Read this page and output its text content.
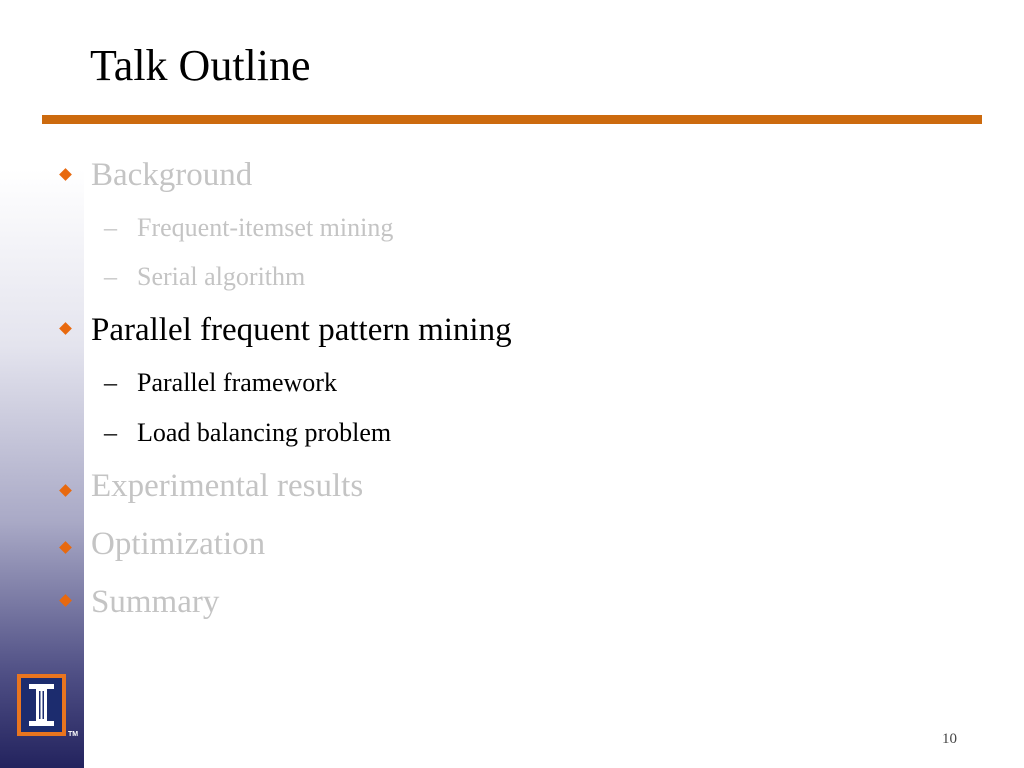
Talk Outline
Background
– Frequent-itemset mining
– Serial algorithm
Parallel frequent pattern mining
– Parallel framework
– Load balancing problem
Experimental results
Optimization
Summary
TM	10
